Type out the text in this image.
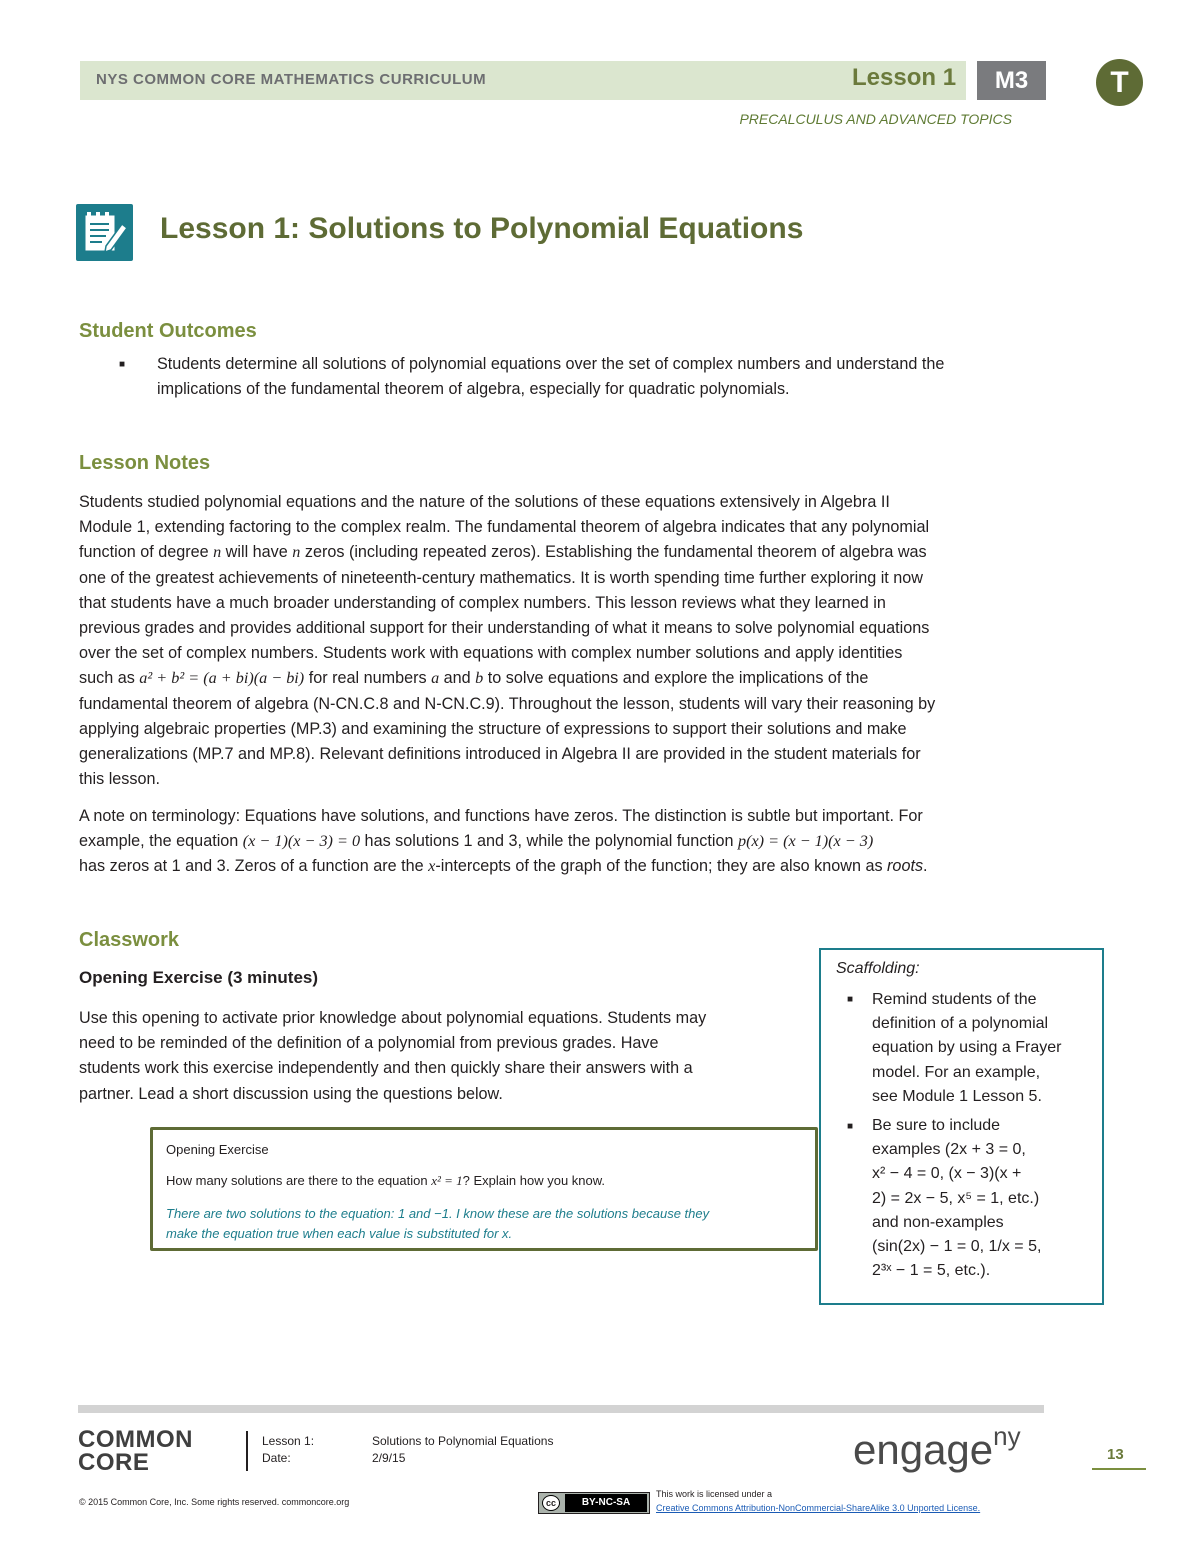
NYS COMMON CORE MATHEMATICS CURRICULUM	Lesson 1	M3	T
PRECALCULUS AND ADVANCED TOPICS
Lesson 1: Solutions to Polynomial Equations
Student Outcomes
■ Students determine all solutions of polynomial equations over the set of complex numbers and understand the
implications of the fundamental theorem of algebra, especially for quadratic polynomials.
Lesson Notes
Students studied polynomial equations and the nature of the solutions of these equations extensively in Algebra II
Module 1, extending factoring to the complex realm. The fundamental theorem of algebra indicates that any polynomial
function of degree n will have n zeros (including repeated zeros). Establishing the fundamental theorem of algebra was
one of the greatest achievements of nineteenth-century mathematics. It is worth spending time further exploring it now
that students have a much broader understanding of complex numbers. This lesson reviews what they learned in
previous grades and provides additional support for their understanding of what it means to solve polynomial equations
over the set of complex numbers. Students work with equations with complex number solutions and apply identities
such as a² + b² = (a + bi)(a − bi) for real numbers a and b to solve equations and explore the implications of the
fundamental theorem of algebra (N-CN.C.8 and N-CN.C.9). Throughout the lesson, students will vary their reasoning by
applying algebraic properties (MP.3) and examining the structure of expressions to support their solutions and make
generalizations (MP.7 and MP.8). Relevant definitions introduced in Algebra II are provided in the student materials for
this lesson.
A note on terminology: Equations have solutions, and functions have zeros. The distinction is subtle but important. For
example, the equation (x − 1)(x − 3) = 0 has solutions 1 and 3, while the polynomial function p(x) = (x − 1)(x − 3)
has zeros at 1 and 3. Zeros of a function are the x-intercepts of the graph of the function; they are also known as roots.
Classwork
Opening Exercise (3 minutes)
Use this opening to activate prior knowledge about polynomial equations. Students may
need to be reminded of the definition of a polynomial from previous grades. Have
students work this exercise independently and then quickly share their answers with a
partner. Lead a short discussion using the questions below.
Opening Exercise
How many solutions are there to the equation x² = 1? Explain how you know.
There are two solutions to the equation: 1 and −1. I know these are the solutions because they
make the equation true when each value is substituted for x.
Scaffolding:
■ Remind students of the
definition of a polynomial
equation by using a Frayer
model. For an example,
see Module 1 Lesson 5.
■ Be sure to include
examples (2x + 3 = 0,
x² − 4 = 0, (x − 3)(x +
2) = 2x − 5, x⁵ = 1, etc.)
and non-examples
(sin(2x) − 1 = 0, 1/x = 5,
2³ˣ − 1 = 5, etc.).
COMMON
CORE
Lesson 1:	Solutions to Polynomial Equations
Date:	2/9/15	engage$^{ny}$
13
© 2015 Common Core, Inc. Some rights reserved. commoncore.org	cc	BY-NC-SA
This work is licensed under a
Creative Commons Attribution-NonCommercial-ShareAlike 3.0 Unported License.
